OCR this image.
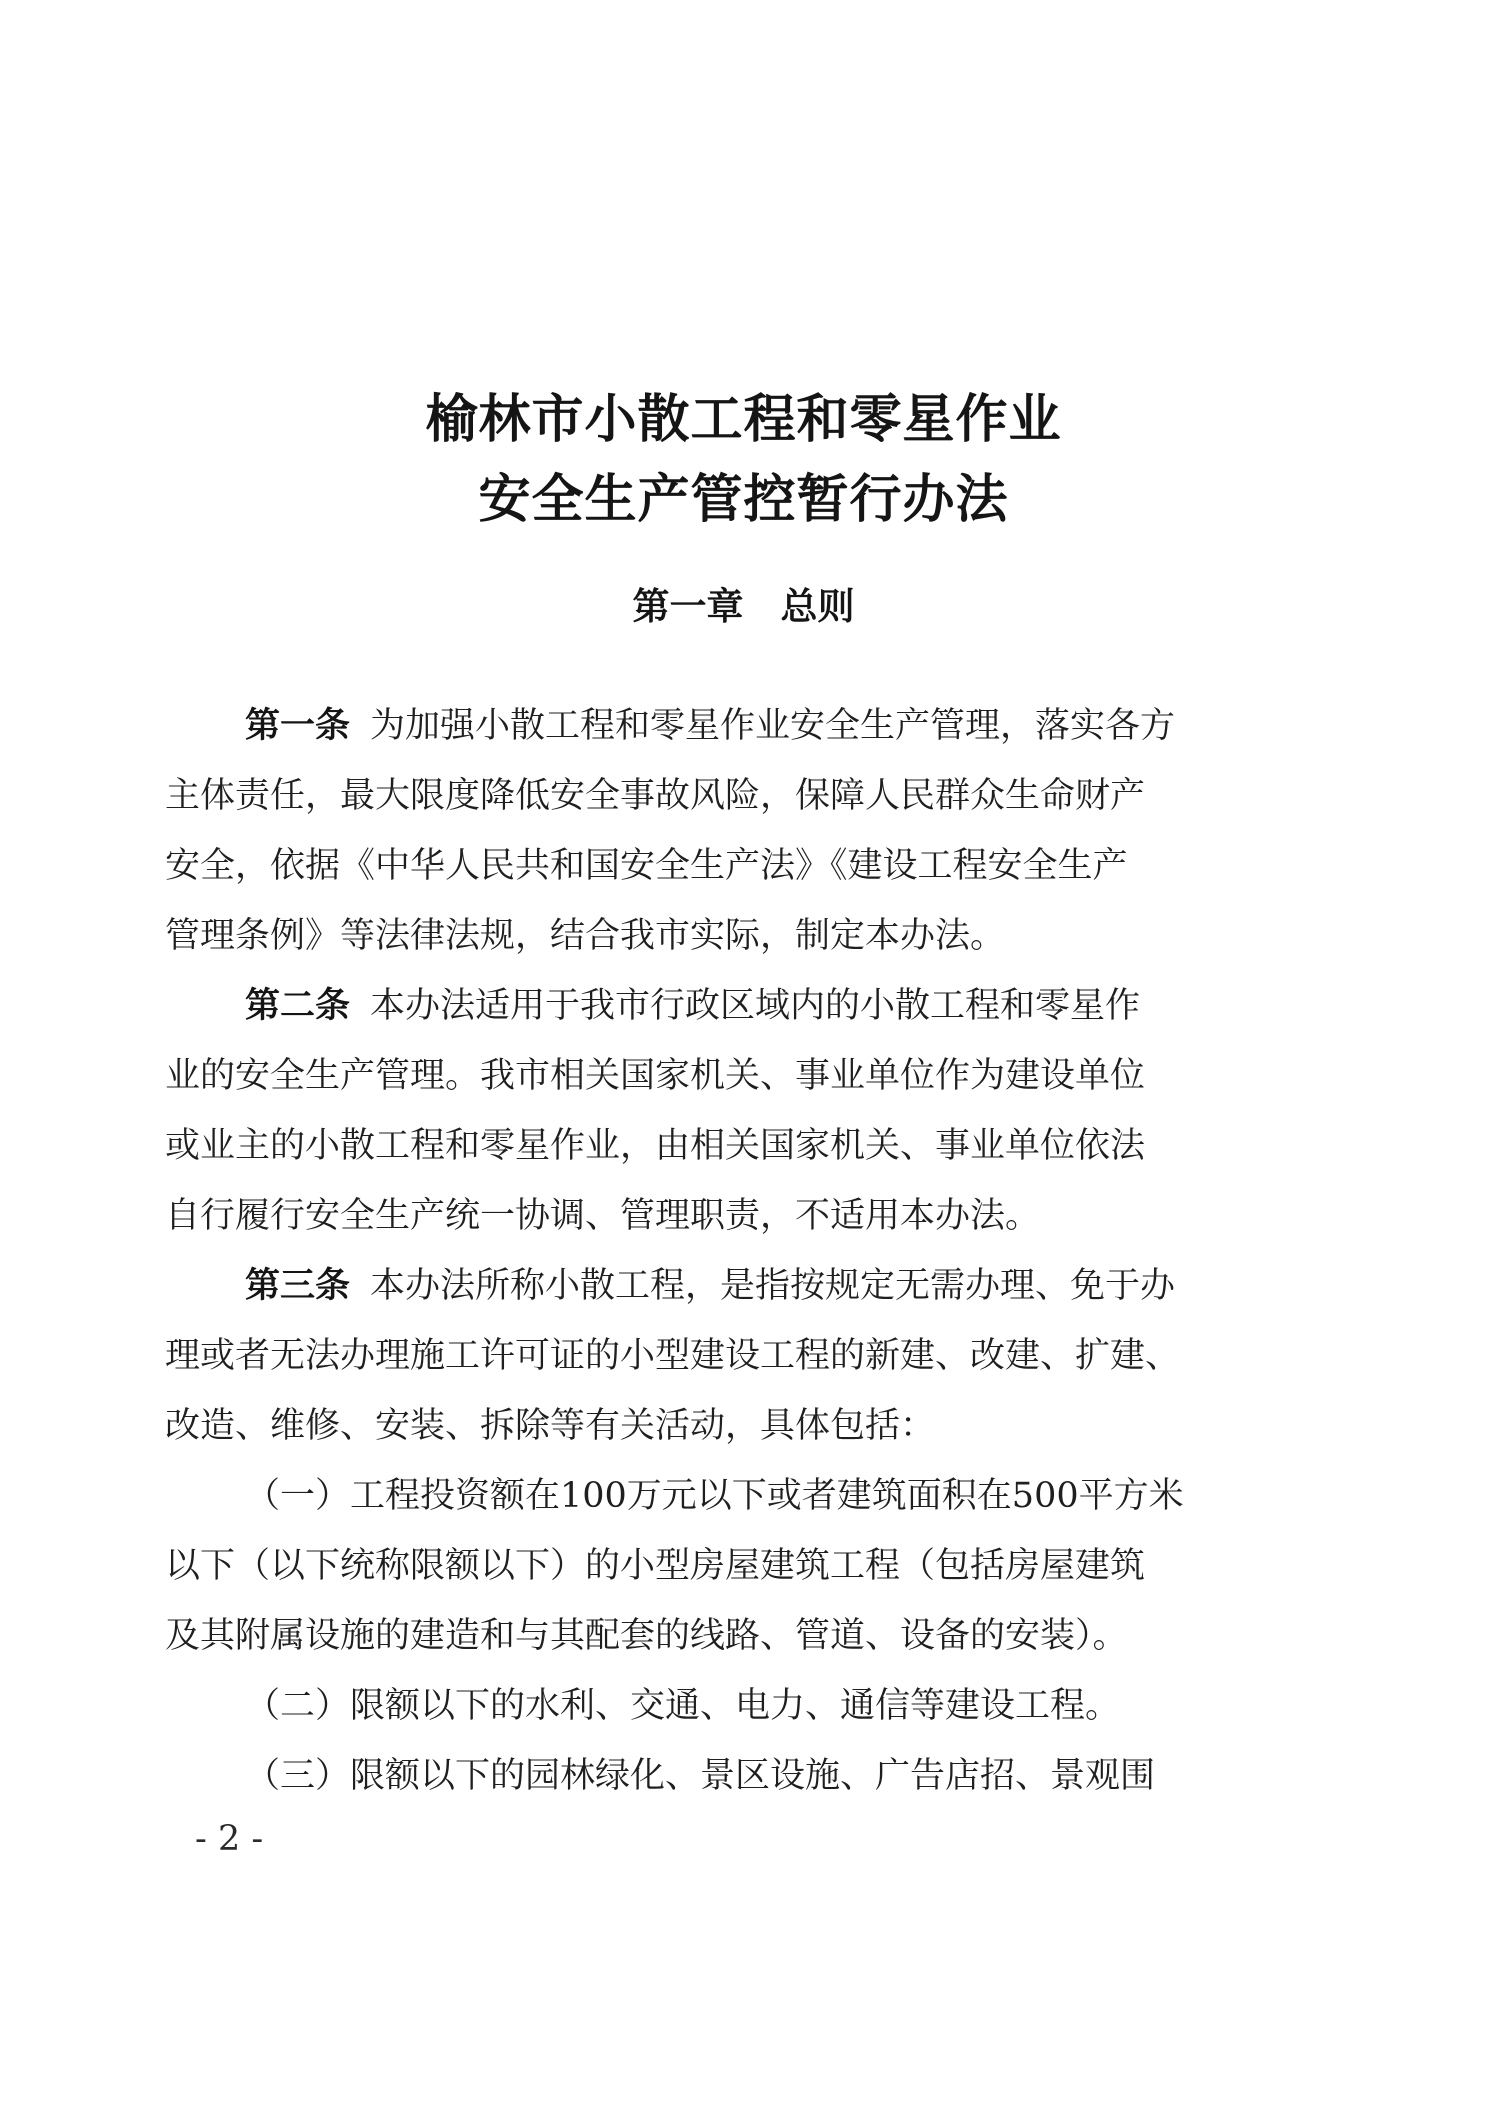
榆林市小散工程和零星作业
安全生产管控暂行办法
第一章　总则
第一条 为加强小散工程和零星作业安全生产管理，落实各方
主体责任，最大限度降低安全事故风险，保障人民群众生命财产
安全，依据《中华人民共和国安全生产法》《建设工程安全生产
管理条例》等法律法规，结合我市实际，制定本办法。
第二条 本办法适用于我市行政区域内的小散工程和零星作
业的安全生产管理。我市相关国家机关、事业单位作为建设单位
或业主的小散工程和零星作业，由相关国家机关、事业单位依法
自行履行安全生产统一协调、管理职责，不适用本办法。
第三条 本办法所称小散工程，是指按规定无需办理、免于办
理或者无法办理施工许可证的小型建设工程的新建、改建、扩建、
改造、维修、安装、拆除等有关活动，具体包括：
（一）工程投资额在100万元以下或者建筑面积在500平方米
以下（以下统称限额以下）的小型房屋建筑工程（包括房屋建筑
及其附属设施的建造和与其配套的线路、管道、设备的安装）。
（二）限额以下的水利、交通、电力、通信等建设工程。
（三）限额以下的园林绿化、景区设施、广告店招、景观围
- 2 -
